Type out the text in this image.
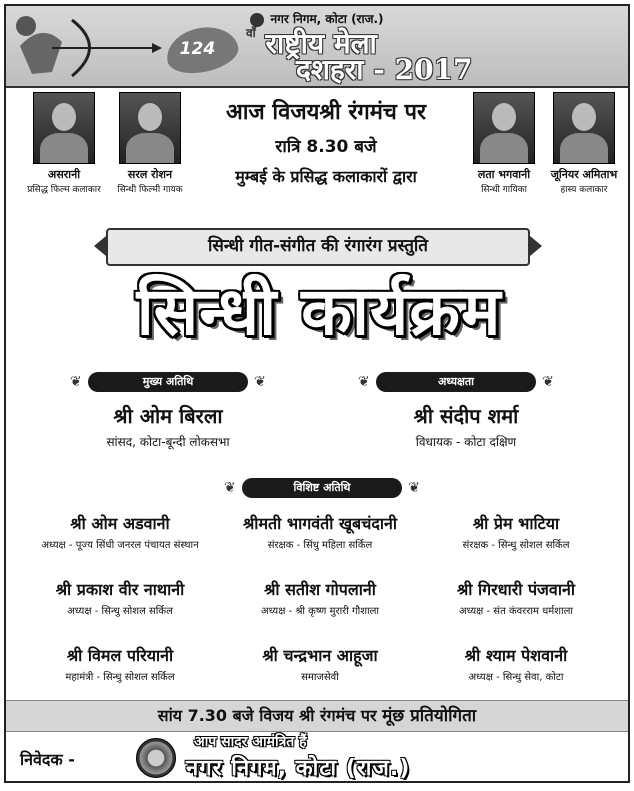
नगर निगम, कोटा (राज.)
124
$^{वाँ}$ राष्ट्रीय मेला
दशहरा - 2017
असरानी
प्रसिद्ध फिल्म कलाकार
सरल रोशन
सिन्धी फिल्मी गायक
लता भगवानी
सिन्धी गायिका
जूनियर अमिताभ
हास्य कलाकार
आज विजयश्री रंगमंच पर
रात्रि 8.30 बजे
मुम्बई के प्रसिद्ध कलाकारों द्वारा
सिन्धी गीत-संगीत की रंगारंग प्रस्तुति
सिन्धी कार्यक्रम
❦ मुख्य अतिथि ❦
❦	अध्यक्षता ❦
श्री ओम बिरला
सांसद, कोटा-बून्दी लोकसभा
श्री संदीप शर्मा
विधायक - कोटा दक्षिण
❦ विशिष्ट अतिथि ❦
श्री ओम अडवानी
अध्यक्ष - पूज्य सिंधी जनरल पंचायत संस्थान
श्रीमती भागवंती खूबचंदानी
संरक्षक - सिंधु महिला सर्किल
श्री प्रेम भाटिया
संरक्षक - सिन्धु सोशल सर्किल
श्री प्रकाश वीर नाथानी
अध्यक्ष - सिन्धु सोशल सर्किल
श्री सतीश गोपलानी
अध्यक्ष - श्री कृष्ण मुरारी गौशाला
श्री गिरधारी पंजवानी
अध्यक्ष - संत कंवरराम धर्मशाला
श्री विमल परियानी
महामंत्री - सिन्धु सोशल सर्किल
श्री चन्द्रभान आहूजा
समाजसेवी
श्री श्याम पेशवानी
अध्यक्ष - सिन्धु सेवा, कोटा
सांय 7.30 बजे विजय श्री रंगमंच पर मूंछ प्रतियोगिता
निवेदक -
आप सादर आमंत्रित हैं
नगर निगम, कोटा (राज.)
